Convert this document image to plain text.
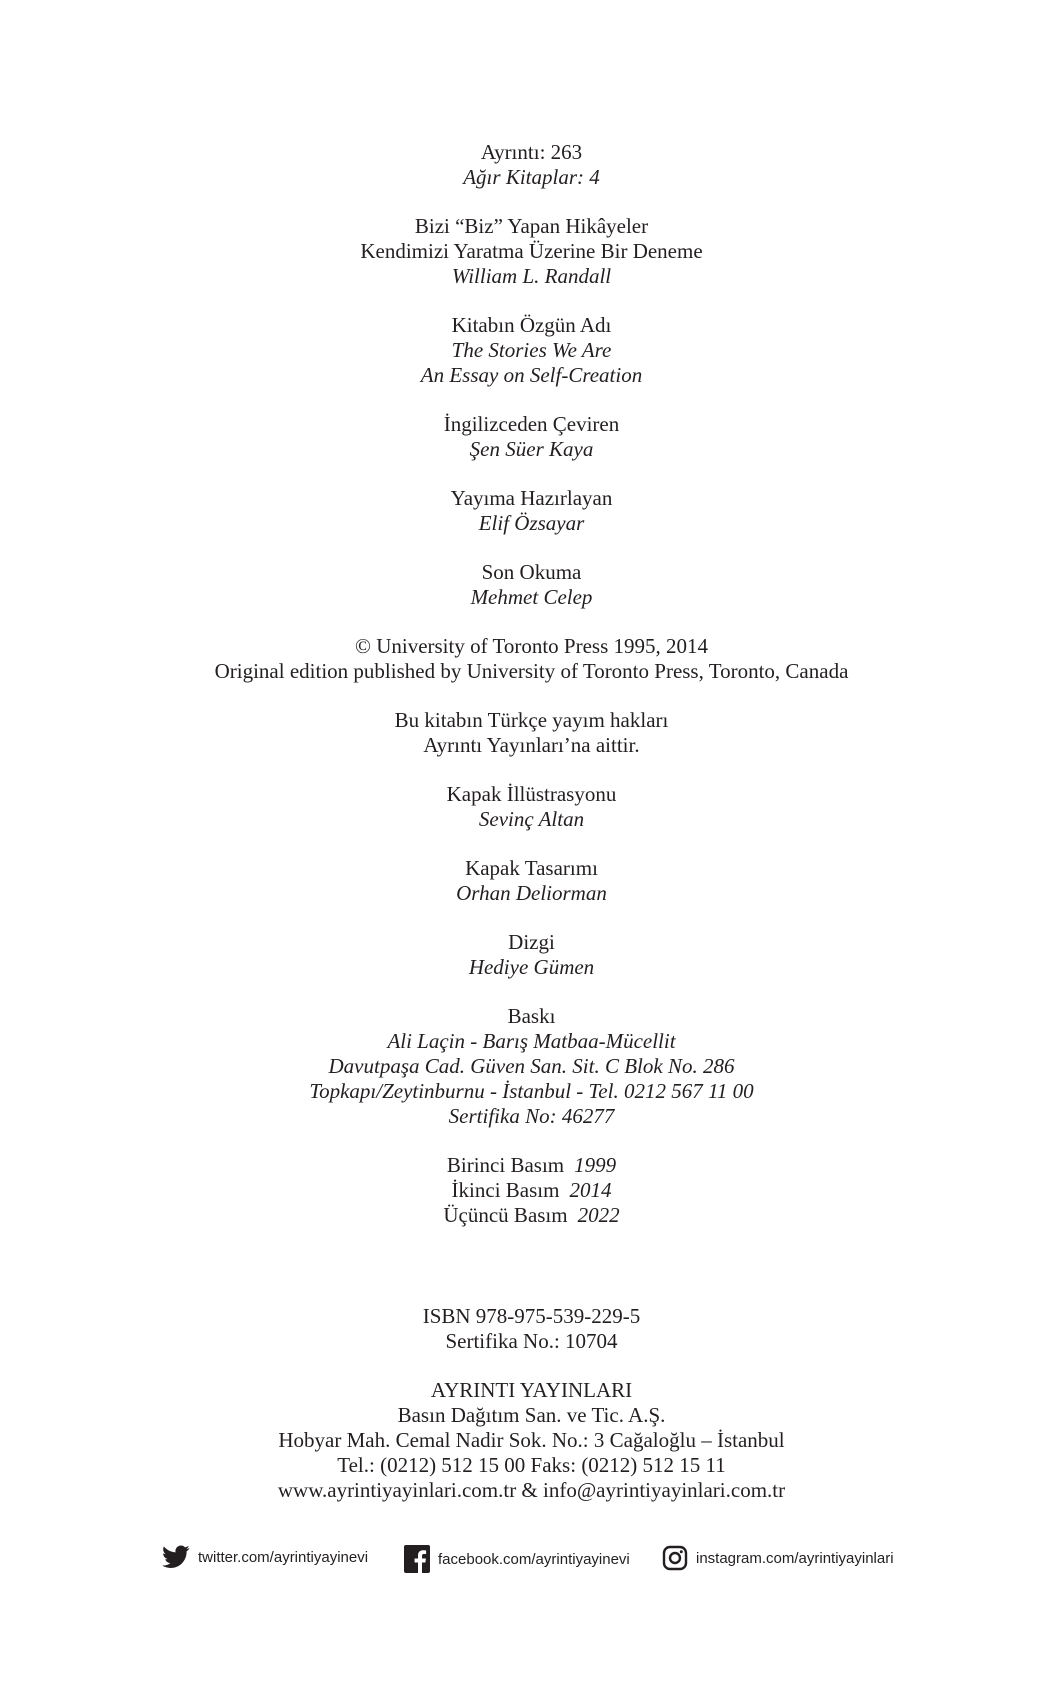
Ayrıntı: 263
Ağır Kitaplar: 4
Bizi “Biz” Yapan Hikâyeler
Kendimizi Yaratma Üzerine Bir Deneme
William L. Randall
Kitabın Özgün Adı
The Stories We Are
An Essay on Self-Creation
İngilizceden Çeviren
Şen Süer Kaya
Yayıma Hazırlayan
Elif Özsayar
Son Okuma
Mehmet Celep
© University of Toronto Press 1995, 2014
Original edition published by University of Toronto Press, Toronto, Canada
Bu kitabın Türkçe yayım hakları
Ayrıntı Yayınları’na aittir.
Kapak İllüstrasyonu
Sevinç Altan
Kapak Tasarımı
Orhan Deliorman
Dizgi
Hediye Gümen
Baskı
Ali Laçin - Barış Matbaa-Mücellit
Davutpaşa Cad. Güven San. Sit. C Blok No. 286
Topkapı/Zeytinburnu - İstanbul - Tel. 0212 567 11 00
Sertifika No: 46277
Birinci Basım 1999
İkinci Basım 2014
Üçüncü Basım 2022
ISBN 978-975-539-229-5
Sertifika No.: 10704
AYRINTI YAYINLARI
Basın Dağıtım San. ve Tic. A.Ş.
Hobyar Mah. Cemal Nadir Sok. No.: 3 Cağaloğlu – İstanbul
Tel.: (0212) 512 15 00 Faks: (0212) 512 15 11
www.ayrintiyayinlari.com.tr & info@ayrintiyayinlari.com.tr
twitter.com/ayrintiyayinevi	facebook.com/ayrintiyayinevi	instagram.com/ayrintiyayinlari
